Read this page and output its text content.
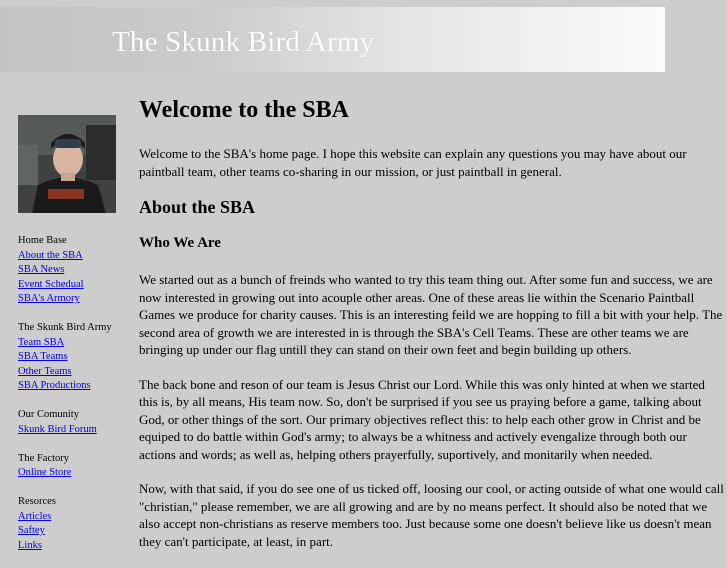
The Skunk Bird Army
Home Base
About the SBA
SBA News
Event Schedual
SBA's Armory
The Skunk Bird Army
Team SBA
SBA Teams
Other Teams
SBA Productions
Our Comunity
Skunk Bird Forum
The Factory
Online Store
Resorces
Articles
Saftey
Links
Welcome to the SBA

Welcome to the SBA's home page. I hope this website can explain any questions you may have about our paintball team, other teams co-sharing in our mission, or just paintball in general.

About the SBA
Who We Are

We started out as a bunch of freinds who wanted to try this team thing out. After some fun and success, we are now interested in growing out into acouple other areas. One of these areas lie within the Scenario Paintball Games we produce for charity causes. This is an interesting feild we are hopping to fill a bit with your help. The second area of growth we are interested in is through the SBA's Cell Teams. These are other teams we are bringing up under our flag untill they can stand on their own feet and begin building up others.

The back bone and reson of our team is Jesus Christ our Lord. While this was only hinted at when we started this is, by all means, His team now. So, don't be surprised if you see us praying before a game, talking about God, or other things of the sort. Our primary objectives reflect this: to help each other grow in Christ and be equiped to do battle within God's army; to always be a whitness and actively evengalize through both our actions and words; as well as, helping others prayerfully, suportively, and monitarily when needed.

Now, with that said, if you do see one of us ticked off, loosing our cool, or acting outside of what one would call "christian," please remember, we are all growing and are by no means perfect. It should also be noted that we also accept non-christians as reserve members too. Just because some one doesn't believe like us doesn't mean they can't participate, at least, in part.
